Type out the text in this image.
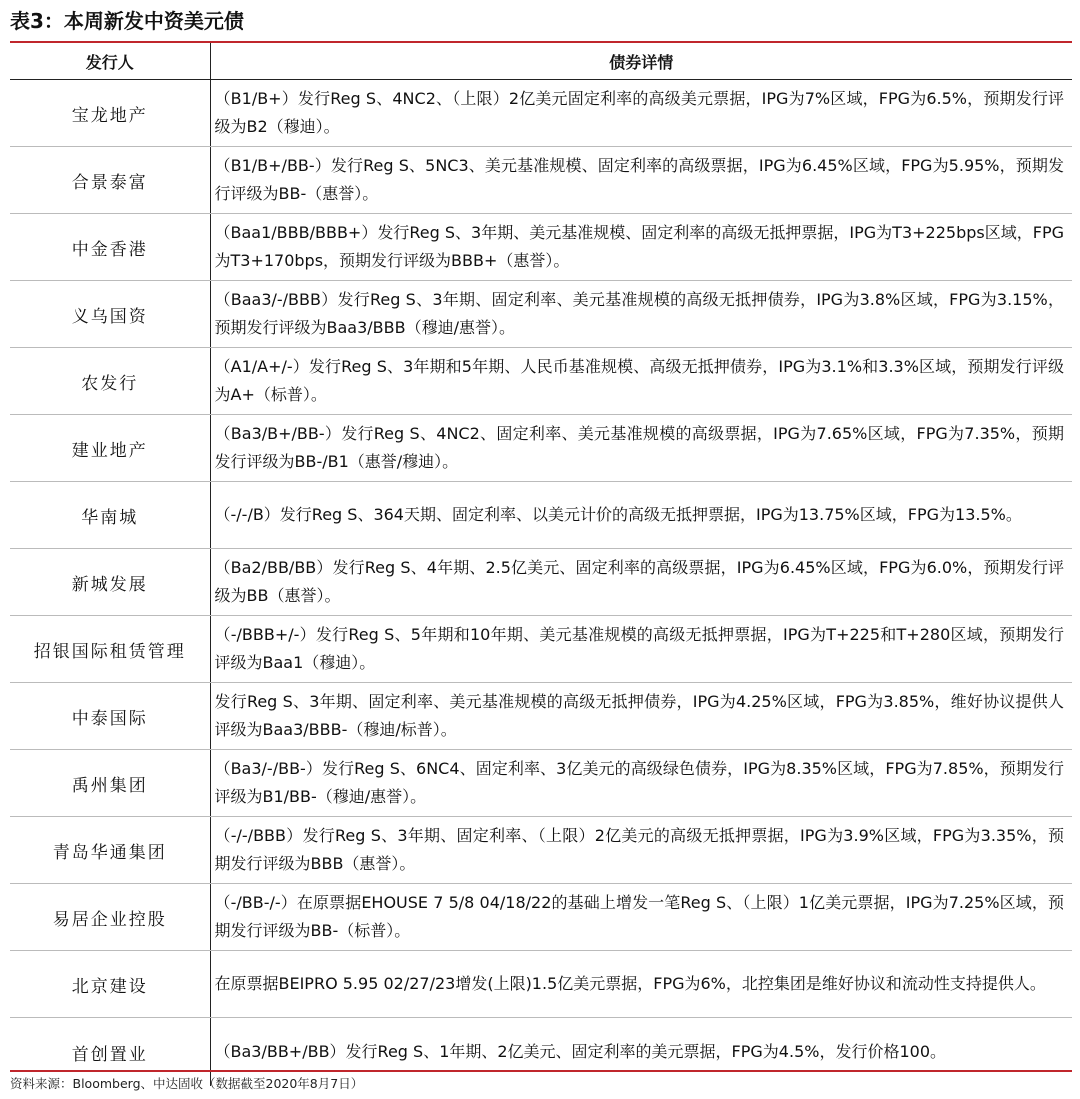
表3：本周新发中资美元债
发行人	债券详情
宝龙地产	（B1/B+）发行Reg S、4NC2、（上限）2亿美元固定利率的高级美元票据，IPG为7%区域，FPG为6.5%，预期发行评级为B2（穆迪）。
合景泰富	（B1/B+/BB-）发行Reg S、5NC3、美元基准规模、固定利率的高级票据，IPG为6.45%区域，FPG为5.95%，预期发行评级为BB-（惠誉）。
中金香港	（Baa1/BBB/BBB+）发行Reg S、3年期、美元基准规模、固定利率的高级无抵押票据，IPG为T3+225bps区域，FPG为T3+170bps，预期发行评级为BBB+（惠誉）。
义乌国资	（Baa3/-/BBB）发行Reg S、3年期、固定利率、美元基准规模的高级无抵押债券，IPG为3.8%区域，FPG为3.15%，预期发行评级为Baa3/BBB（穆迪/惠誉）。
农发行	（A1/A+/-）发行Reg S、3年期和5年期、人民币基准规模、高级无抵押债券，IPG为3.1%和3.3%区域，预期发行评级为A+（标普）。
建业地产	（Ba3/B+/BB-）发行Reg S、4NC2、固定利率、美元基准规模的高级票据，IPG为7.65%区域，FPG为7.35%，预期发行评级为BB-/B1（惠誉/穆迪）。
华南城	（-/-/B）发行Reg S、364天期、固定利率、以美元计价的高级无抵押票据，IPG为13.75%区域，FPG为13.5%。
新城发展	（Ba2/BB/BB）发行Reg S、4年期、2.5亿美元、固定利率的高级票据，IPG为6.45%区域，FPG为6.0%，预期发行评级为BB（惠誉）。
招银国际租赁管理	（-/BBB+/-）发行Reg S、5年期和10年期、美元基准规模的高级无抵押票据，IPG为T+225和T+280区域，预期发行评级为Baa1（穆迪）。
中泰国际	发行Reg S、3年期、固定利率、美元基准规模的高级无抵押债券，IPG为4.25%区域，FPG为3.85%，维好协议提供人评级为Baa3/BBB-（穆迪/标普）。
禹州集团	（Ba3/-/BB-）发行Reg S、6NC4、固定利率、3亿美元的高级绿色债券，IPG为8.35%区域，FPG为7.85%，预期发行评级为B1/BB-（穆迪/惠誉）。
青岛华通集团	（-/-/BBB）发行Reg S、3年期、固定利率、（上限）2亿美元的高级无抵押票据，IPG为3.9%区域，FPG为3.35%，预期发行评级为BBB（惠誉）。
易居企业控股	（-/BB-/-）在原票据EHOUSE 7 5/8 04/18/22的基础上增发一笔Reg S、（上限）1亿美元票据，IPG为7.25%区域，预期发行评级为BB-（标普）。
北京建设	在原票据BEIPRO 5.95 02/27/23增发(上限)1.5亿美元票据，FPG为6%，北控集团是维好协议和流动性支持提供人。
首创置业	（Ba3/BB+/BB）发行Reg S、1年期、2亿美元、固定利率的美元票据，FPG为4.5%，发行价格100。
资料来源：Bloomberg、中达固收（数据截至2020年8月7日）
